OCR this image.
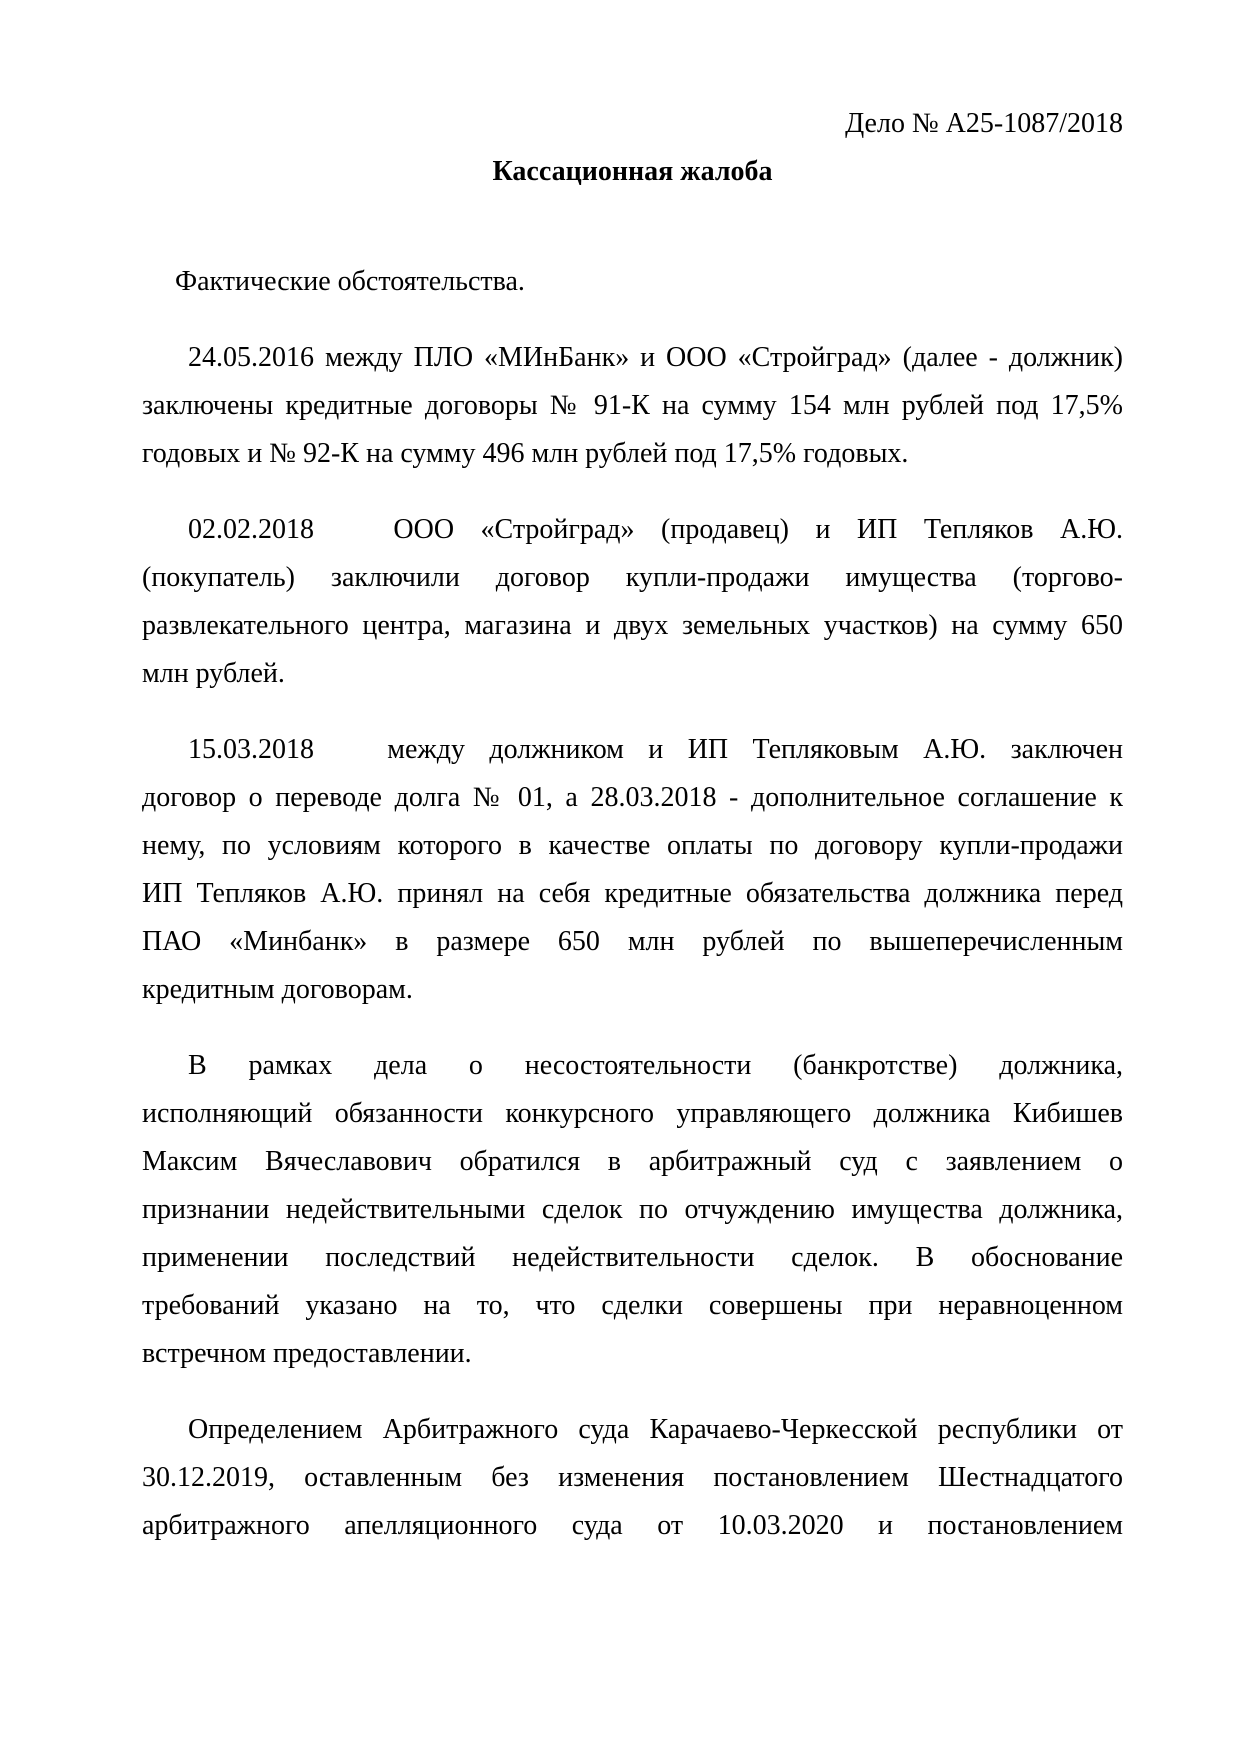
Дело № А25-1087/2018
Кассационная жалоба
Фактические обстоятельства.
24.05.2016 между ПЛО «МИнБанк» и ООО «Стройград» (далее - должник)
заключены кредитные договоры № 91-К на сумму 154 млн рублей под 17,5%
годовых и № 92-К на сумму 496 млн рублей под 17,5% годовых.
02.02.2018   ООО «Стройград» (продавец) и ИП Тепляков А.Ю.
(покупатель) заключили договор купли-продажи имущества (торгово-
развлекательного центра, магазина и двух земельных участков) на сумму 650
млн рублей.
15.03.2018   между должником и ИП Тепляковым А.Ю. заключен
договор о переводе долга № 01, а 28.03.2018 - дополнительное соглашение к
нему, по условиям которого в качестве оплаты по договору купли-продажи
ИП Тепляков А.Ю. принял на себя кредитные обязательства должника перед
ПАО «Минбанк» в размере 650 млн рублей по вышеперечисленным
кредитным договорам.
В рамках дела о несостоятельности (банкротстве) должника,
исполняющий обязанности конкурсного управляющего должника Кибишев
Максим Вячеславович обратился в арбитражный суд с заявлением о
признании недействительными сделок по отчуждению имущества должника,
применении последствий недействительности сделок. В обоснование
требований указано на то, что сделки совершены при неравноценном
встречном предоставлении.
Определением Арбитражного суда Карачаево-Черкесской республики от
30.12.2019, оставленным без изменения постановлением Шестнадцатого
арбитражного апелляционного суда от 10.03.2020 и постановлением
